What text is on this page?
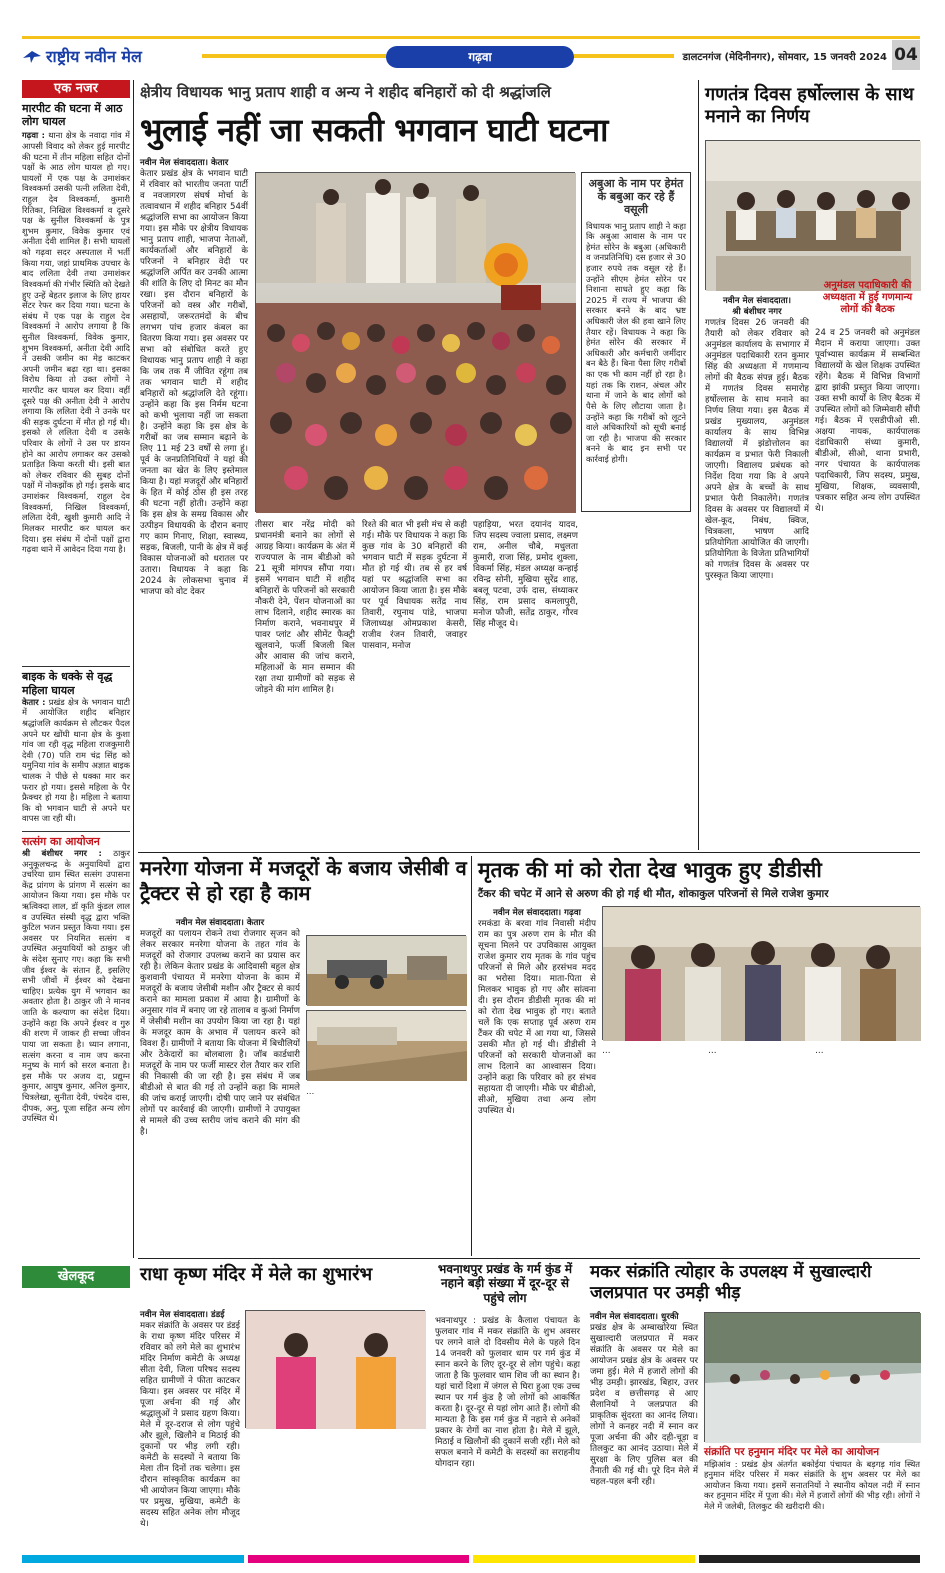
राष्ट्रीय नवीन मेल	गढ़वा	डालटनगंज (मेदिनीनगर), सोमवार, 15 जनवरी 2024 04
एक नजर
मारपीट की घटना में आठ लोग घायल
गढ़वा : थाना क्षेत्र के नवादा गांव में आपसी विवाद को लेकर हुई मारपीट की घटना में तीन महिला सहित दोनों पक्षों के आठ लोग घायल हो गए। घायलों में एक पक्ष के उमाशंकर विश्वकर्मा उसकी पत्नी ललिता देवी, राहुल देव विश्वकर्मा, कुमारी रितिका, निखिल विश्वकर्मा व दूसरे पक्ष के सुनील विश्वकर्मा के पुत्र शुभम कुमार, विवेक कुमार एवं अनीता देवी शामिल हैं। सभी घायलों को गढ़वा सदर अस्पताल में भर्ती किया गया, जहां प्राथमिक उपचार के बाद ललिता देवी तथा उमाशंकर विश्वकर्मा की गंभीर स्थिति को देखते हुए उन्हें बेहतर इलाज के लिए हायर सेंटर रेफर कर दिया गया। घटना के संबंध में एक पक्ष के राहुल देव विश्वकर्मा ने आरोप लगाया है कि सुनील विश्वकर्मा, विवेक कुमार, शुभम विश्वकर्मा, अनीता देवी आदि ने उसकी जमीन का मेड़ काटकर अपनी जमीन बढ़ा रहा था। इसका विरोध किया तो उक्त लोगों ने मारपीट कर घायल कर दिया। वहीं दूसरे पक्ष की अनीता देवी ने आरोप लगाया कि ललिता देवी ने उनके घर की सड़क दुर्घटना में मौत हो गई थी। इसको ले ललिता देवी व उसके परिवार के लोगों ने उस पर डायन होने का आरोप लगाकर कर उसको प्रताड़ित किया करती थी। इसी बात को लेकर रविवार की सुबह दोनों पक्षों में नोकझोंक हो गई। इसके बाद उमाशंकर विश्वकर्मा, राहुल देव विश्वकर्मा, निखिल विश्वकर्मा, ललिता देवी, खुशी कुमारी आदि ने मिलकर मारपीट कर घायल कर दिया। इस संबंध में दोनों पक्षों द्वारा गढ़वा थाने में आवेदन दिया गया है।
बाइक के धक्के से वृद्ध महिला घायल
केतार : प्रखंड क्षेत्र के भगवान घाटी में आयोजित शहीद बनिहार श्रद्धांजलि कार्यक्रम से लौटकर पैदल अपने घर खोंघी थाना क्षेत्र के कुशा गांव जा रही वृद्ध महिला राजकुमारी देवी (70) पति राम चंद्र सिंह को यमुनिया गांव के समीप अज्ञात बाइक चालक ने पीछे से धक्का मार कर फरार हो गया। इससे महिला के पैर फ्रैक्चर हो गया है। महिला ने बताया कि वो भगवान घाटी से अपने घर वापस जा रही थी।
सत्संग का आयोजन
श्री बंशीधर नगर : ठाकुर अनुकूलचन्द्र के अनुयायियों द्वारा उचरिया ग्राम स्थित सत्संग उपासना केंद्र प्रांगण के प्रांगण में सत्संग का आयोजन किया गया। इस मौके पर ऋत्विक्दा लाल, डॉ कृति कुंडल लाल व उपस्थित संस्थी वृद्ध द्वारा भक्ति कुटिल भजन प्रस्तुत किया गया। इस अवसर पर नियमित सत्संग व उपस्थित अनुयायियों को ठाकुर जी के संदेश सुनाए गए। कहा कि सभी जीव ईश्वर के संतान हैं, इसलिए सभी जीवों में ईश्वर को देखना चाहिए। प्रत्येक युग में भगवान का अवतार होता है। ठाकुर जी ने मानव जाति के कल्याण का संदेश दिया। उन्होंने कहा कि अपने ईश्वर व गुरु की शरण में जाकर ही सच्चा जीवन पाया जा सकता है। ध्यान लगाना, सत्संग करना व नाम जप करना मनुष्य के मार्ग को सरल बनाता है। इस मौके पर अजय दा, प्रद्युम्न कुमार, आयुष कुमार, अनिल कुमार, चित्रलेखा, सुनीता देवी, पंचदेव दास, दीपक, अनु, पूजा सहित अन्य लोग उपस्थित थे।
क्षेत्रीय विधायक भानु प्रताप शाही व अन्य ने शहीद बनिहारों को दी श्रद्धांजलि
भुलाई नहीं जा सकती भगवान घाटी घटना
नवीन मेल संवाददाता। केतार
केतार प्रखंड क्षेत्र के भगवान घाटी में रविवार को भारतीय जनता पार्टी व नवजागरण संघर्ष मोर्चा के तत्वावधान में शहीद बनिहार 54वीं श्रद्धांजलि सभा का आयोजन किया गया। इस मौके पर क्षेत्रीय विधायक भानु प्रताप शाही, भाजपा नेताओं, कार्यकर्ताओं और बनिहारों के परिजनों ने बनिहार वेदी पर श्रद्धांजलि अर्पित कर उनकी आत्मा की शांति के लिए दो मिनट का मौन रखा। इस दौरान बनिहारों के परिजनों को वस्त्र और गरीबों, असहायों, जरूरतमंदों के बीच लगभग पांच हजार कंबल का वितरण किया गया। इस अवसर पर सभा को संबोधित करते हुए विधायक भानु प्रताप शाही ने कहा कि जब तक मैं जीवित रहूंगा तब तक भगवान घाटी में शहीद बनिहारों को श्रद्धांजलि देते रहूंगा। उन्होंने कहा कि इस निर्मम घटना को कभी भुलाया नहीं जा सकता है। उन्होंने कहा कि इस क्षेत्र के गरीबों का जब सम्मान बढ़ाने के लिए 11 मई 23 वर्षों से लगा हूं। पूर्व के जनप्रतिनिधियों ने यहां की जनता का खेत के लिए इस्तेमाल किया है। यहां मजदूरों और बनिहारों के हित में कोई ठोस ही इस तरह की घटना नहीं होती। उन्होंने कहा कि इस क्षेत्र के समग्र विकास और उत्पीड़न विधायकी के दौरान बनाए गए काम गिनाए, शिक्षा, स्वास्थ्य, सड़क, बिजली, पानी के क्षेत्र में कई विकास योजनाओं को धरातल पर उतारा। विधायक ने कहा कि 2024 के लोकसभा चुनाव में भाजपा को वोट देकर
अबुआ के नाम पर हेमंत के बबुआ कर रहे हैं वसूली
विधायक भानु प्रताप शाही ने कहा कि अबुआ आवास के नाम पर हेमंत सोरेन के बबुआ (अधिकारी व जनप्रतिनिधि) दस हजार से 30 हजार रुपये तक वसूल रहे हैं। उन्होंने सीएम हेमंत सोरेन पर निशाना साधते हुए कहा कि 2025 में राज्य में भाजपा की सरकार बनने के बाद भ्रष्ट अधिकारी जेल की हवा खाने लिए तैयार रहें। विधायक ने कहा कि हेमंत सोरेन की सरकार में अधिकारी और कर्मचारी जमींदार बन बैठे हैं। बिना पैसा लिए गरीबों का एक भी काम नहीं हो रहा है। यहां तक कि राशन, अंचल और थाना में जाने के बाद लोगों को पैसे के लिए लौटाया जाता है। उन्होंने कहा कि गरीबों को लूटने वाले अधिकारियों को सूची बनाई जा रही है। भाजपा की सरकार बनने के बाद इन सभी पर कार्रवाई होगी।
तीसरा बार नरेंद्र मोदी को प्रधानमंत्री बनाने का लोगों से आग्रह किया। कार्यक्रम के अंत में राज्यपाल के नाम बीडीओ को 21 सूत्री मांगपत्र सौंपा गया। इसमें भगवान घाटी में शहीद बनिहारों के परिजनों को सरकारी नौकरी देने, पेंशन योजनाओं का लाभ दिलाने, शहीद स्मारक का निर्माण कराने, भवनाथपुर में पावर प्लांट और सीमेंट फैक्ट्री खुलवाने, फर्जी बिजली बिल और आवास की जांच कराने, महिलाओं के मान सम्मान की रक्षा तथा ग्रामीणों को सड़क से जोड़ने की मांग शामिल है।
रिश्ते की बात भी इसी मंच से कही गई। मौके पर विधायक ने कहा कि कुछ गांव के 30 बनिहारों की भगवान घाटी में सड़क दुर्घटना में मौत हो गई थी। तब से हर वर्ष यहां पर श्रद्धांजलि सभा का आयोजन किया जाता है। इस मौके पर पूर्व विधायक सतेंद्र नाथ तिवारी, रघुनाथ पांडे, भाजपा जिलाध्यक्ष ओमप्रकाश केसरी, राजीव रंजन तिवारी, जवाहर पासवान, मनोज
पहाड़िया, भरत दयानंद यादव, जिप सदस्य ज्वाला प्रसाद, लक्ष्मण राम, अनील चौबे, मधुलता कुमारी, राजा सिंह, प्रमोद शुक्ला, विकर्मा सिंह, मंडल अध्यक्ष कन्हाई रविन्द्र सोनी, मुखिया सुरेंद्र शाह, बबलू पटवा, उर्फ दास, संध्याकर सिंह, राम प्रसाद कमलापुरी, मनोज फौजी, सतेंद्र ठाकुर, गौरव सिंह मौजूद थे।
गणतंत्र दिवस हर्षोल्लास के साथ मनाने का निर्णय
नवीन मेल संवाददाता।
श्री बंशीधर नगर
गणतंत्र दिवस 26 जनवरी की तैयारी को लेकर रविवार को अनुमंडल कार्यालय के सभागार में अनुमंडल पदाधिकारी रतन कुमार सिंह की अध्यक्षता में गणमान्य लोगों की बैठक संपन्न हुई। बैठक में गणतंत्र दिवस समारोह हर्षोल्लास के साथ मनाने का निर्णय लिया गया। इस बैठक में प्रखंड मुख्यालय, अनुमंडल कार्यालय के साथ विभिन्न विद्यालयों में झंडोत्तोलन का कार्यक्रम व प्रभात फेरी निकाली जाएगी। विद्यालय प्रबंधक को निर्देश दिया गया कि वे अपने अपने क्षेत्र के बच्चों के साथ प्रभात फेरी निकालेंगे। गणतंत्र दिवस के अवसर पर विद्यालयों में खेल-कूद, निबंध, क्विज, चित्रकला, भाषण आदि प्रतियोगिता आयोजित की जाएगी। प्रतियोगिता के विजेता प्रतिभागियों को गणतंत्र दिवस के अवसर पर पुरस्कृत किया जाएगा।
अनुमंडल पदाधिकारी की अध्यक्षता में हुई गणमान्य लोगों की बैठक
24 व 25 जनवरी को अनुमंडल मैदान में कराया जाएगा। उक्त पूर्वाभ्यास कार्यक्रम में सम्बन्धित विद्यालयों के खेल शिक्षक उपस्थित रहेंगे। बैठक में विभिन्न विभागों द्वारा झांकी प्रस्तुत किया जाएगा। उक्त सभी कार्यों के लिए बैठक में उपस्थित लोगों को जिम्मेवारी सौंपी गई। बैठक में एसडीपीओ सी. अक्षया नायक, कार्यपालक दंडाधिकारी संध्या कुमारी, बीडीओ, सीओ, थाना प्रभारी, नगर पंचायत के कार्यपालक पदाधिकारी, जिप सदस्य, प्रमुख, मुखिया, शिक्षक, व्यवसायी, पत्रकार सहित अन्य लोग उपस्थित थे।
मनरेगा योजना में मजदूरों के बजाय जेसीबी व ट्रैक्टर से हो रहा है काम
नवीन मेल संवाददाता। केतार
मजदूरों का पलायन रोकने तथा रोजगार सृजन को लेकर सरकार मनरेगा योजना के तहत गांव के मजदूरों को रोजगार उपलब्ध कराने का प्रयास कर रही है। लेकिन केतार प्रखंड के आदिवासी बहुल क्षेत्र कुशवानी पंचायत में मनरेगा योजना के काम में मजदूरों के बजाय जेसीबी मशीन और ट्रैक्टर से कार्य कराने का मामला प्रकाश में आया है। ग्रामीणों के अनुसार गांव में बनाए जा रहे तालाब व कुआं निर्माण में जेसीबी मशीन का उपयोग किया जा रहा है। यहां के मजदूर काम के अभाव में पलायन करने को विवश हैं। ग्रामीणों ने बताया कि योजना में बिचौलियों और ठेकेदारों का बोलबाला है। जॉब कार्डधारी मजदूरों के नाम पर फर्जी मास्टर रोल तैयार कर राशि की निकासी की जा रही है। इस संबंध में जब बीडीओ से बात की गई तो उन्होंने कहा कि मामले की जांच कराई जाएगी। दोषी पाए जाने पर संबंधित लोगों पर कार्रवाई की जाएगी। ग्रामीणों ने उपायुक्त से मामले की उच्च स्तरीय जांच कराने की मांग की है।
…
मृतक की मां को रोता देख भावुक हुए डीडीसी
टैंकर की चपेट में आने से अरुण की हो गई थी मौत, शोकाकुल परिजनों से मिले राजेश कुमार
नवीन मेल संवाददाता। गढ़वा
रमकंडा के बरवा गांव निवासी मंदीप राम का पुत्र अरुण राम के मौत की सूचना मिलने पर उपविकास आयुक्त राजेश कुमार राय मृतक के गांव पहुंच परिजनों से मिले और हरसंभव मदद का भरोसा दिया। माता-पिता से मिलकर भावुक हो गए और सांत्वना दी। इस दौरान डीडीसी मृतक की मां को रोता देख भावुक हो गए। बताते चलें कि एक सप्ताह पूर्व अरुण राम टैंकर की चपेट में आ गया था, जिससे उसकी मौत हो गई थी। डीडीसी ने परिजनों को सरकारी योजनाओं का लाभ दिलाने का आश्वासन दिया। उन्होंने कहा कि परिवार को हर संभव सहायता दी जाएगी। मौके पर बीडीओ, सीओ, मुखिया तथा अन्य लोग उपस्थित थे।
…	…	…
राधा कृष्ण मंदिर में मेले का शुभारंभ	भवनाथपुर प्रखंड के गर्म कुंड में नहाने बड़ी संख्या में दूर-दूर से पहुंचे लोग
मकर संक्रांति त्योहार के उपलक्ष्य में सुखाल्दारी जलप्रपात पर उमड़ी भीड़
नवीन मेल संवाददाता। डंडई
मकर संक्रांति के अवसर पर डंडई के राधा कृष्ण मंदिर परिसर में रविवार को लगे मेले का शुभारंभ मंदिर निर्माण कमेटी के अध्यक्ष सीता देवी, जिला परिषद सदस्य सहित ग्रामीणों ने फीता काटकर किया। इस अवसर पर मंदिर में पूजा अर्चना की गई और श्रद्धालुओं ने प्रसाद ग्रहण किया। मेले में दूर-दराज से लोग पहुंचे और झूले, खिलौने व मिठाई की दुकानों पर भीड़ लगी रही। कमेटी के सदस्यों ने बताया कि मेला तीन दिनों तक चलेगा। इस दौरान सांस्कृतिक कार्यक्रम का भी आयोजन किया जाएगा। मौके पर प्रमुख, मुखिया, कमेटी के सदस्य सहित अनेक लोग मौजूद थे।
भवनाथपुर : प्रखंड के कैलाश पंचायत के फुलवार गांव में मकर संक्रांति के शुभ अवसर पर लगने वाले दो दिवसीय मेले के पहले दिन 14 जनवरी को फुलवार धाम पर गर्म कुंड में स्नान करने के लिए दूर-दूर से लोग पहुंचे। कहा जाता है कि फुलवार धाम शिव जी का स्थान है। यहां चारों दिशा में जंगल से घिरा हुआ एक उच्च स्थान पर गर्म कुंड है जो लोगों को आकर्षित करता है। दूर-दूर से यहां लोग आते हैं। लोगों की मान्यता है कि इस गर्म कुंड में नहाने से अनेकों प्रकार के रोगों का नाश होता है। मेले में झूले, मिठाई व खिलौनों की दुकानें सजी रहीं। मेले को सफल बनाने में कमेटी के सदस्यों का सराहनीय योगदान रहा।
नवीन मेल संवाददाता। धुरकी
प्रखंड क्षेत्र के अम्बाखोरेया स्थित सुखाल्दारी जलप्रपात में मकर संक्रांति के अवसर पर मेले का आयोजन प्रखंड क्षेत्र के अवसर पर जमा हुई। मेले में हजारों लोगों की भीड़ उमड़ी। झारखंड, बिहार, उत्तर प्रदेश व छत्तीसगढ़ से आए सैलानियों ने जलप्रपात की प्राकृतिक सुंदरता का आनंद लिया। लोगों ने कनहर नदी में स्नान कर पूजा अर्चना की और दही-चूड़ा व तिलकुट का आनंद उठाया। मेले में सुरक्षा के लिए पुलिस बल की तैनाती की गई थी। पूरे दिन मेले में चहल-पहल बनी रही।
संक्रांति पर हनुमान मंदिर पर मेले का आयोजन
मझिआंव : प्रखंड क्षेत्र अंतर्गत बकोईया पंचायत के बड़गड़ गांव स्थित हनुमान मंदिर परिसर में मकर संक्रांति के शुभ अवसर पर मेले का आयोजन किया गया। इसमें सनातनियों ने स्थानीय कोयल नदी में स्नान कर हनुमान मंदिर में पूजा की। मेले में हजारों लोगों की भीड़ रही। लोगों ने मेले में जलेबी, तिलकुट की खरीदारी की।
खेलकूद
